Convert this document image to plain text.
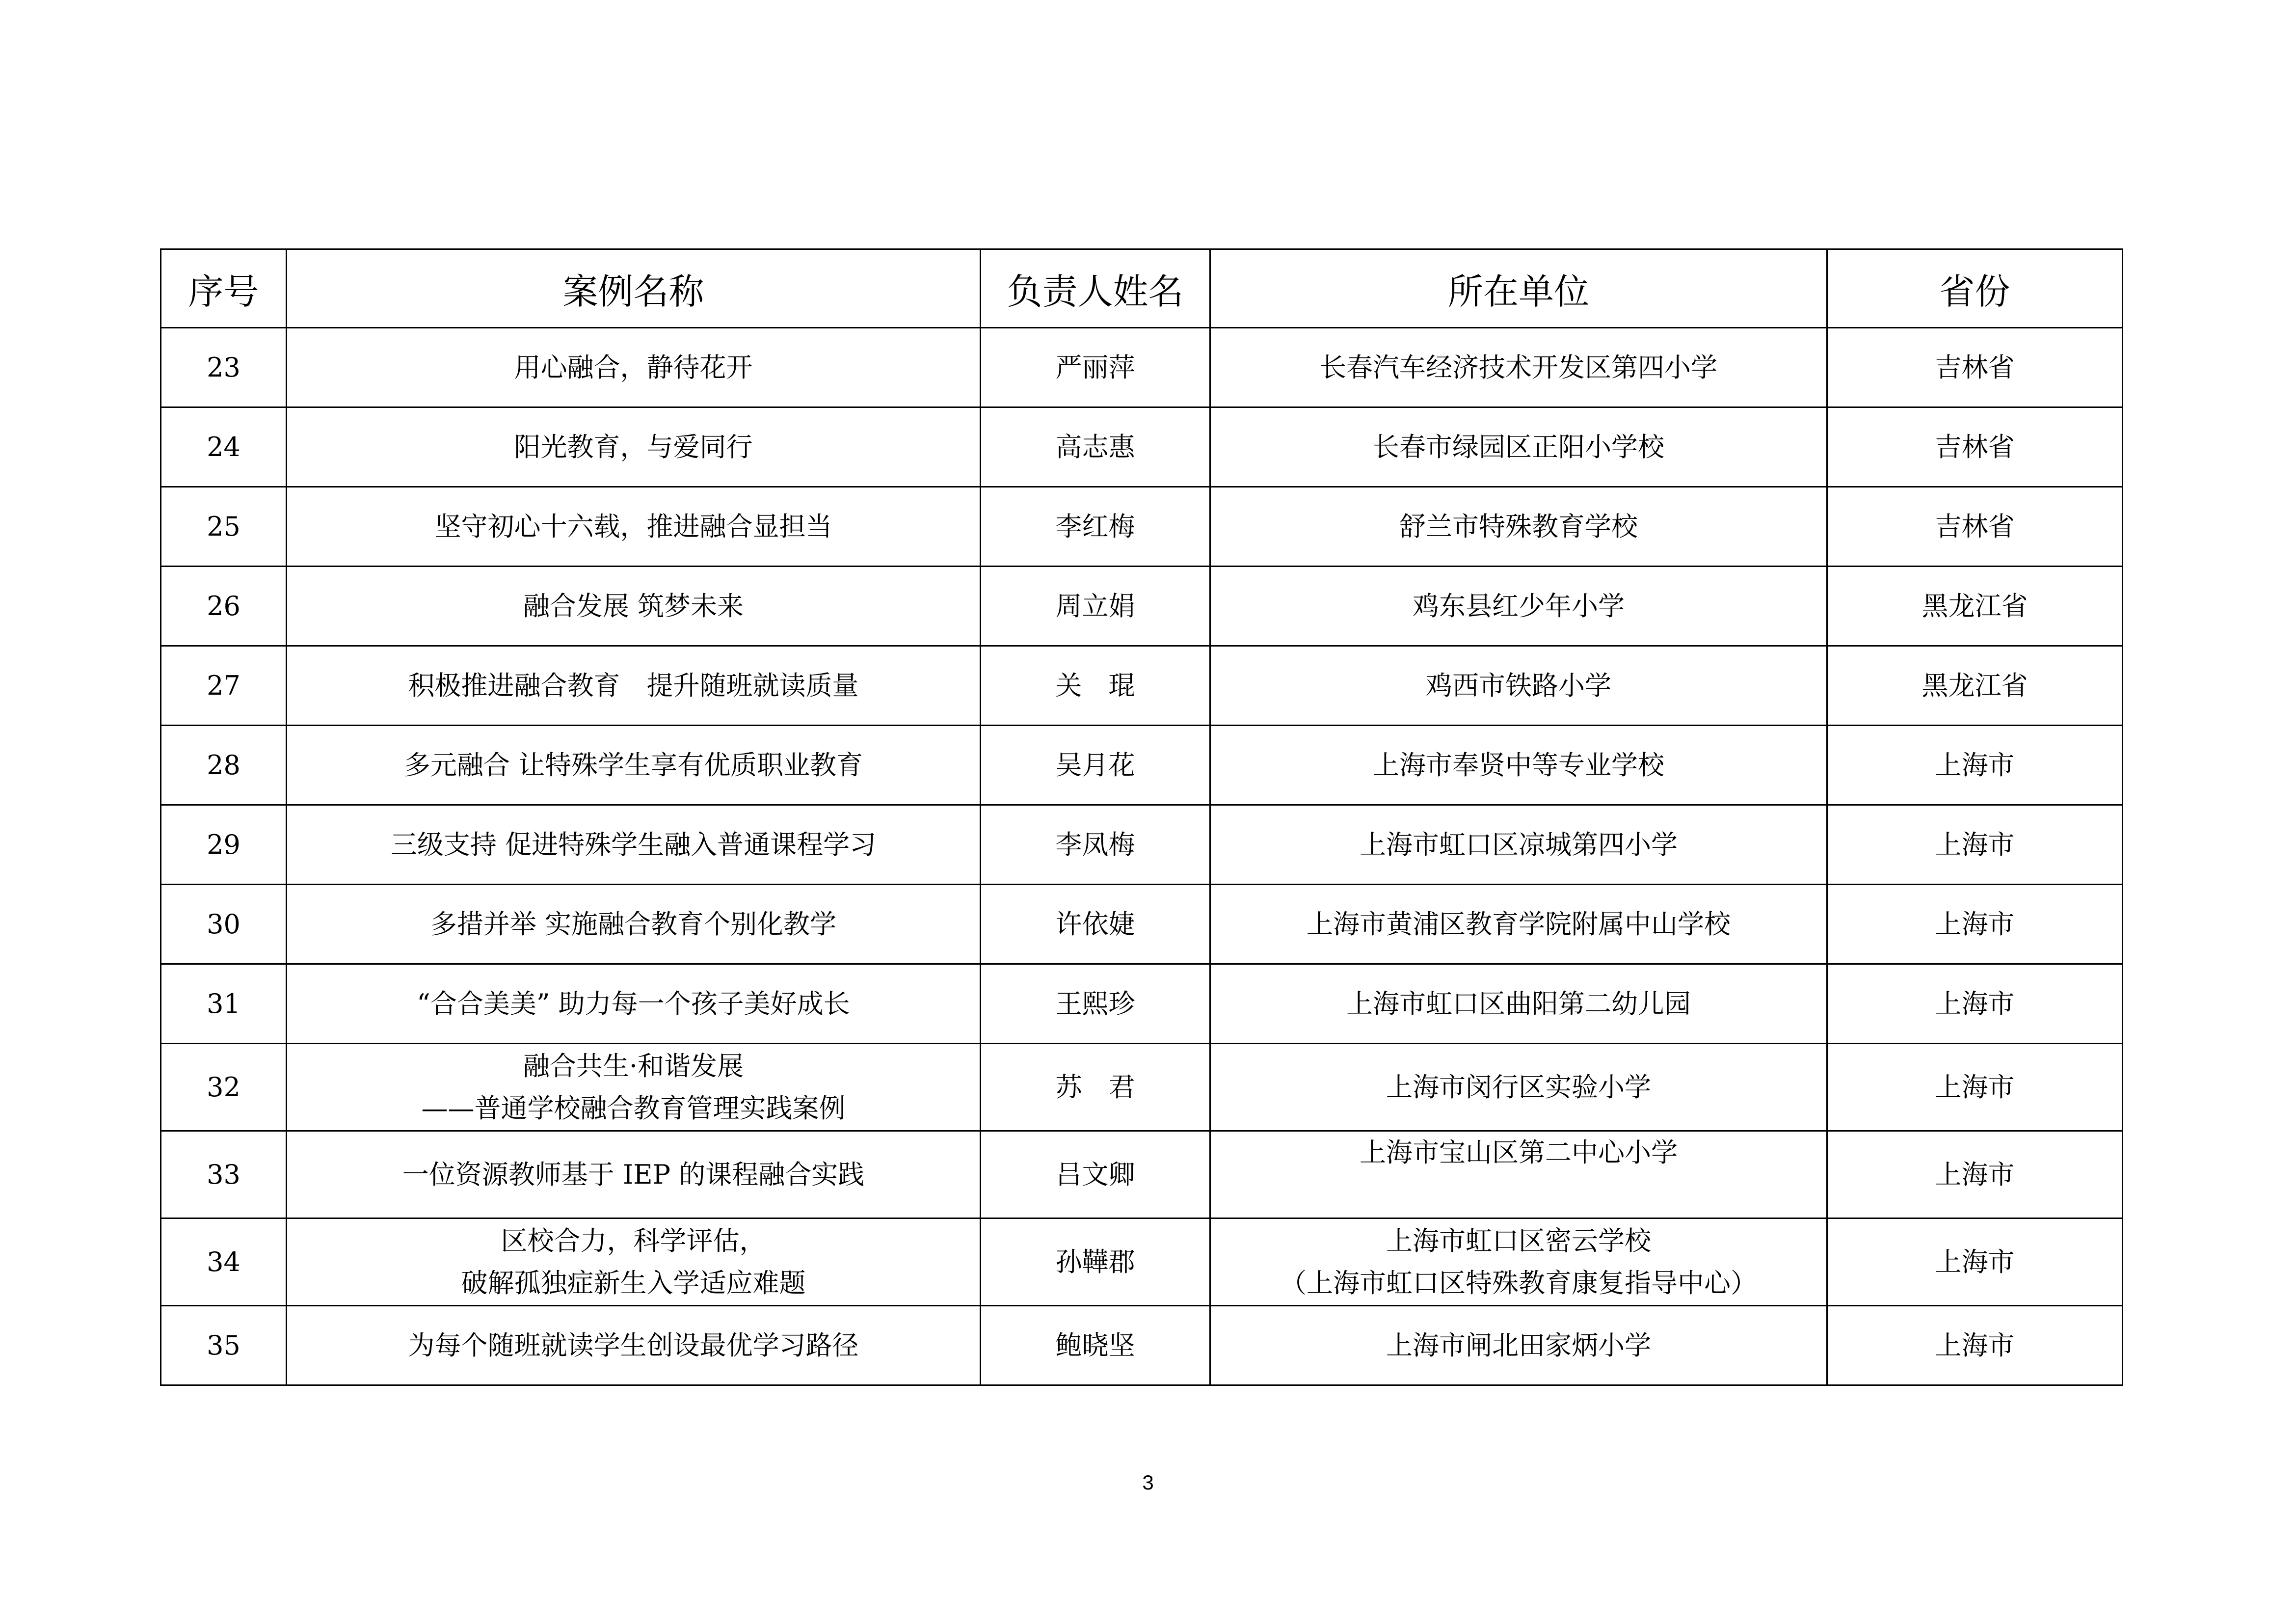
序号	案例名称	负责人姓名	所在单位	省份
23	用心融合，静待花开	严丽萍	长春汽车经济技术开发区第四小学	吉林省
24	阳光教育，与爱同行	高志惠	长春市绿园区正阳小学校	吉林省
25	坚守初心十六载，推进融合显担当	李红梅	舒兰市特殊教育学校	吉林省
26	融合发展 筑梦未来	周立娟	鸡东县红少年小学	黑龙江省
27	积极推进融合教育　提升随班就读质量	关　琨	鸡西市铁路小学	黑龙江省
28	多元融合 让特殊学生享有优质职业教育	吴月花	上海市奉贤中等专业学校	上海市
29	三级支持 促进特殊学生融入普通课程学习	李凤梅	上海市虹口区凉城第四小学	上海市
30	多措并举 实施融合教育个别化教学	许依婕	上海市黄浦区教育学院附属中山学校	上海市
31	“合合美美” 助力每一个孩子美好成长	王熙珍	上海市虹口区曲阳第二幼儿园	上海市
32	融合共生·和谐发展
——普通学校融合教育管理实践案例	苏　君	上海市闵行区实验小学	上海市
33	一位资源教师基于 IEP 的课程融合实践	吕文卿	上海市宝山区第二中心小学	上海市
34	区校合力，科学评估，
破解孤独症新生入学适应难题	孙鞾郡	上海市虹口区密云学校
（上海市虹口区特殊教育康复指导中心）	上海市
35	为每个随班就读学生创设最优学习路径	鲍晓坚	上海市闸北田家炳小学	上海市
3
